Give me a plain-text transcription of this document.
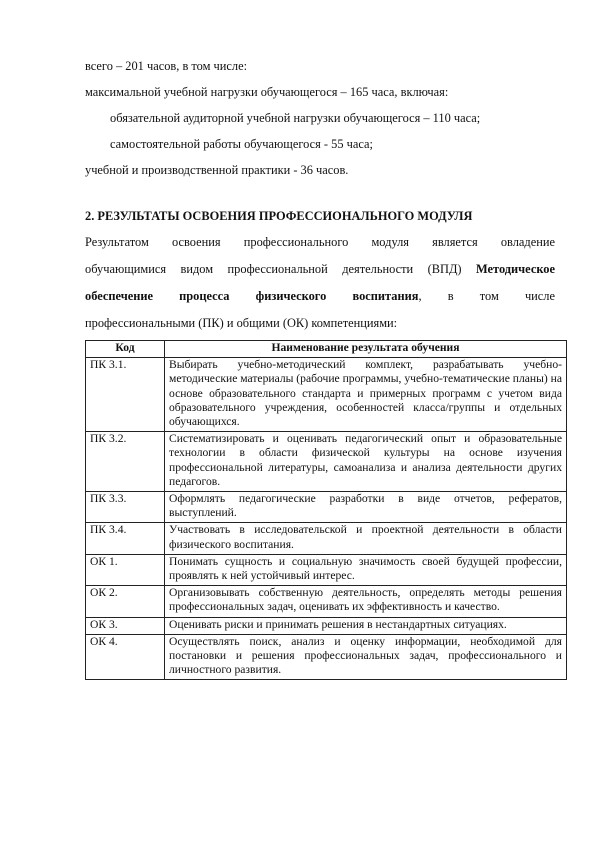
всего – 201 часов, в том числе:
максимальной учебной нагрузки обучающегося – 165 часа, включая:
обязательной аудиторной учебной нагрузки обучающегося – 110 часа;
самостоятельной работы обучающегося - 55 часа;
учебной и производственной практики - 36 часов.
2. РЕЗУЛЬТАТЫ ОСВОЕНИЯ ПРОФЕССИОНАЛЬНОГО МОДУЛЯ
Результатом освоения профессионального модуля является овладение
обучающимися видом профессиональной деятельности (ВПД) Методическое
обеспечение процесса физического воспитания, в том числе
профессиональными (ПК) и общими (ОК) компетенциями:
Код	Наименование результата обучения
ПК 3.1.	Выбирать учебно-методический комплект, разрабатывать учебно-методические материалы (рабочие программы, учебно-тематические планы) на основе образовательного стандарта и примерных программ с учетом вида образовательного учреждения, особенностей класса/группы и отдельных обучающихся.
ПК 3.2.	Систематизировать и оценивать педагогический опыт и образовательные технологии в области физической культуры на основе изучения профессиональной литературы, самоанализа и анализа деятельности других педагогов.
ПК 3.3.	Оформлять педагогические разработки в виде отчетов, рефератов, выступлений.
ПК 3.4.	Участвовать в исследовательской и проектной деятельности в области физического воспитания.
ОК 1.	Понимать сущность и социальную значимость своей будущей профессии, проявлять к ней устойчивый интерес.
ОК 2.	Организовывать собственную деятельность, определять методы решения профессиональных задач, оценивать их эффективность и качество.
ОК 3.	Оценивать риски и принимать решения в нестандартных ситуациях.
ОК 4.	Осуществлять поиск, анализ и оценку информации, необходимой для постановки и решения профессиональных задач, профессионального и личностного развития.
